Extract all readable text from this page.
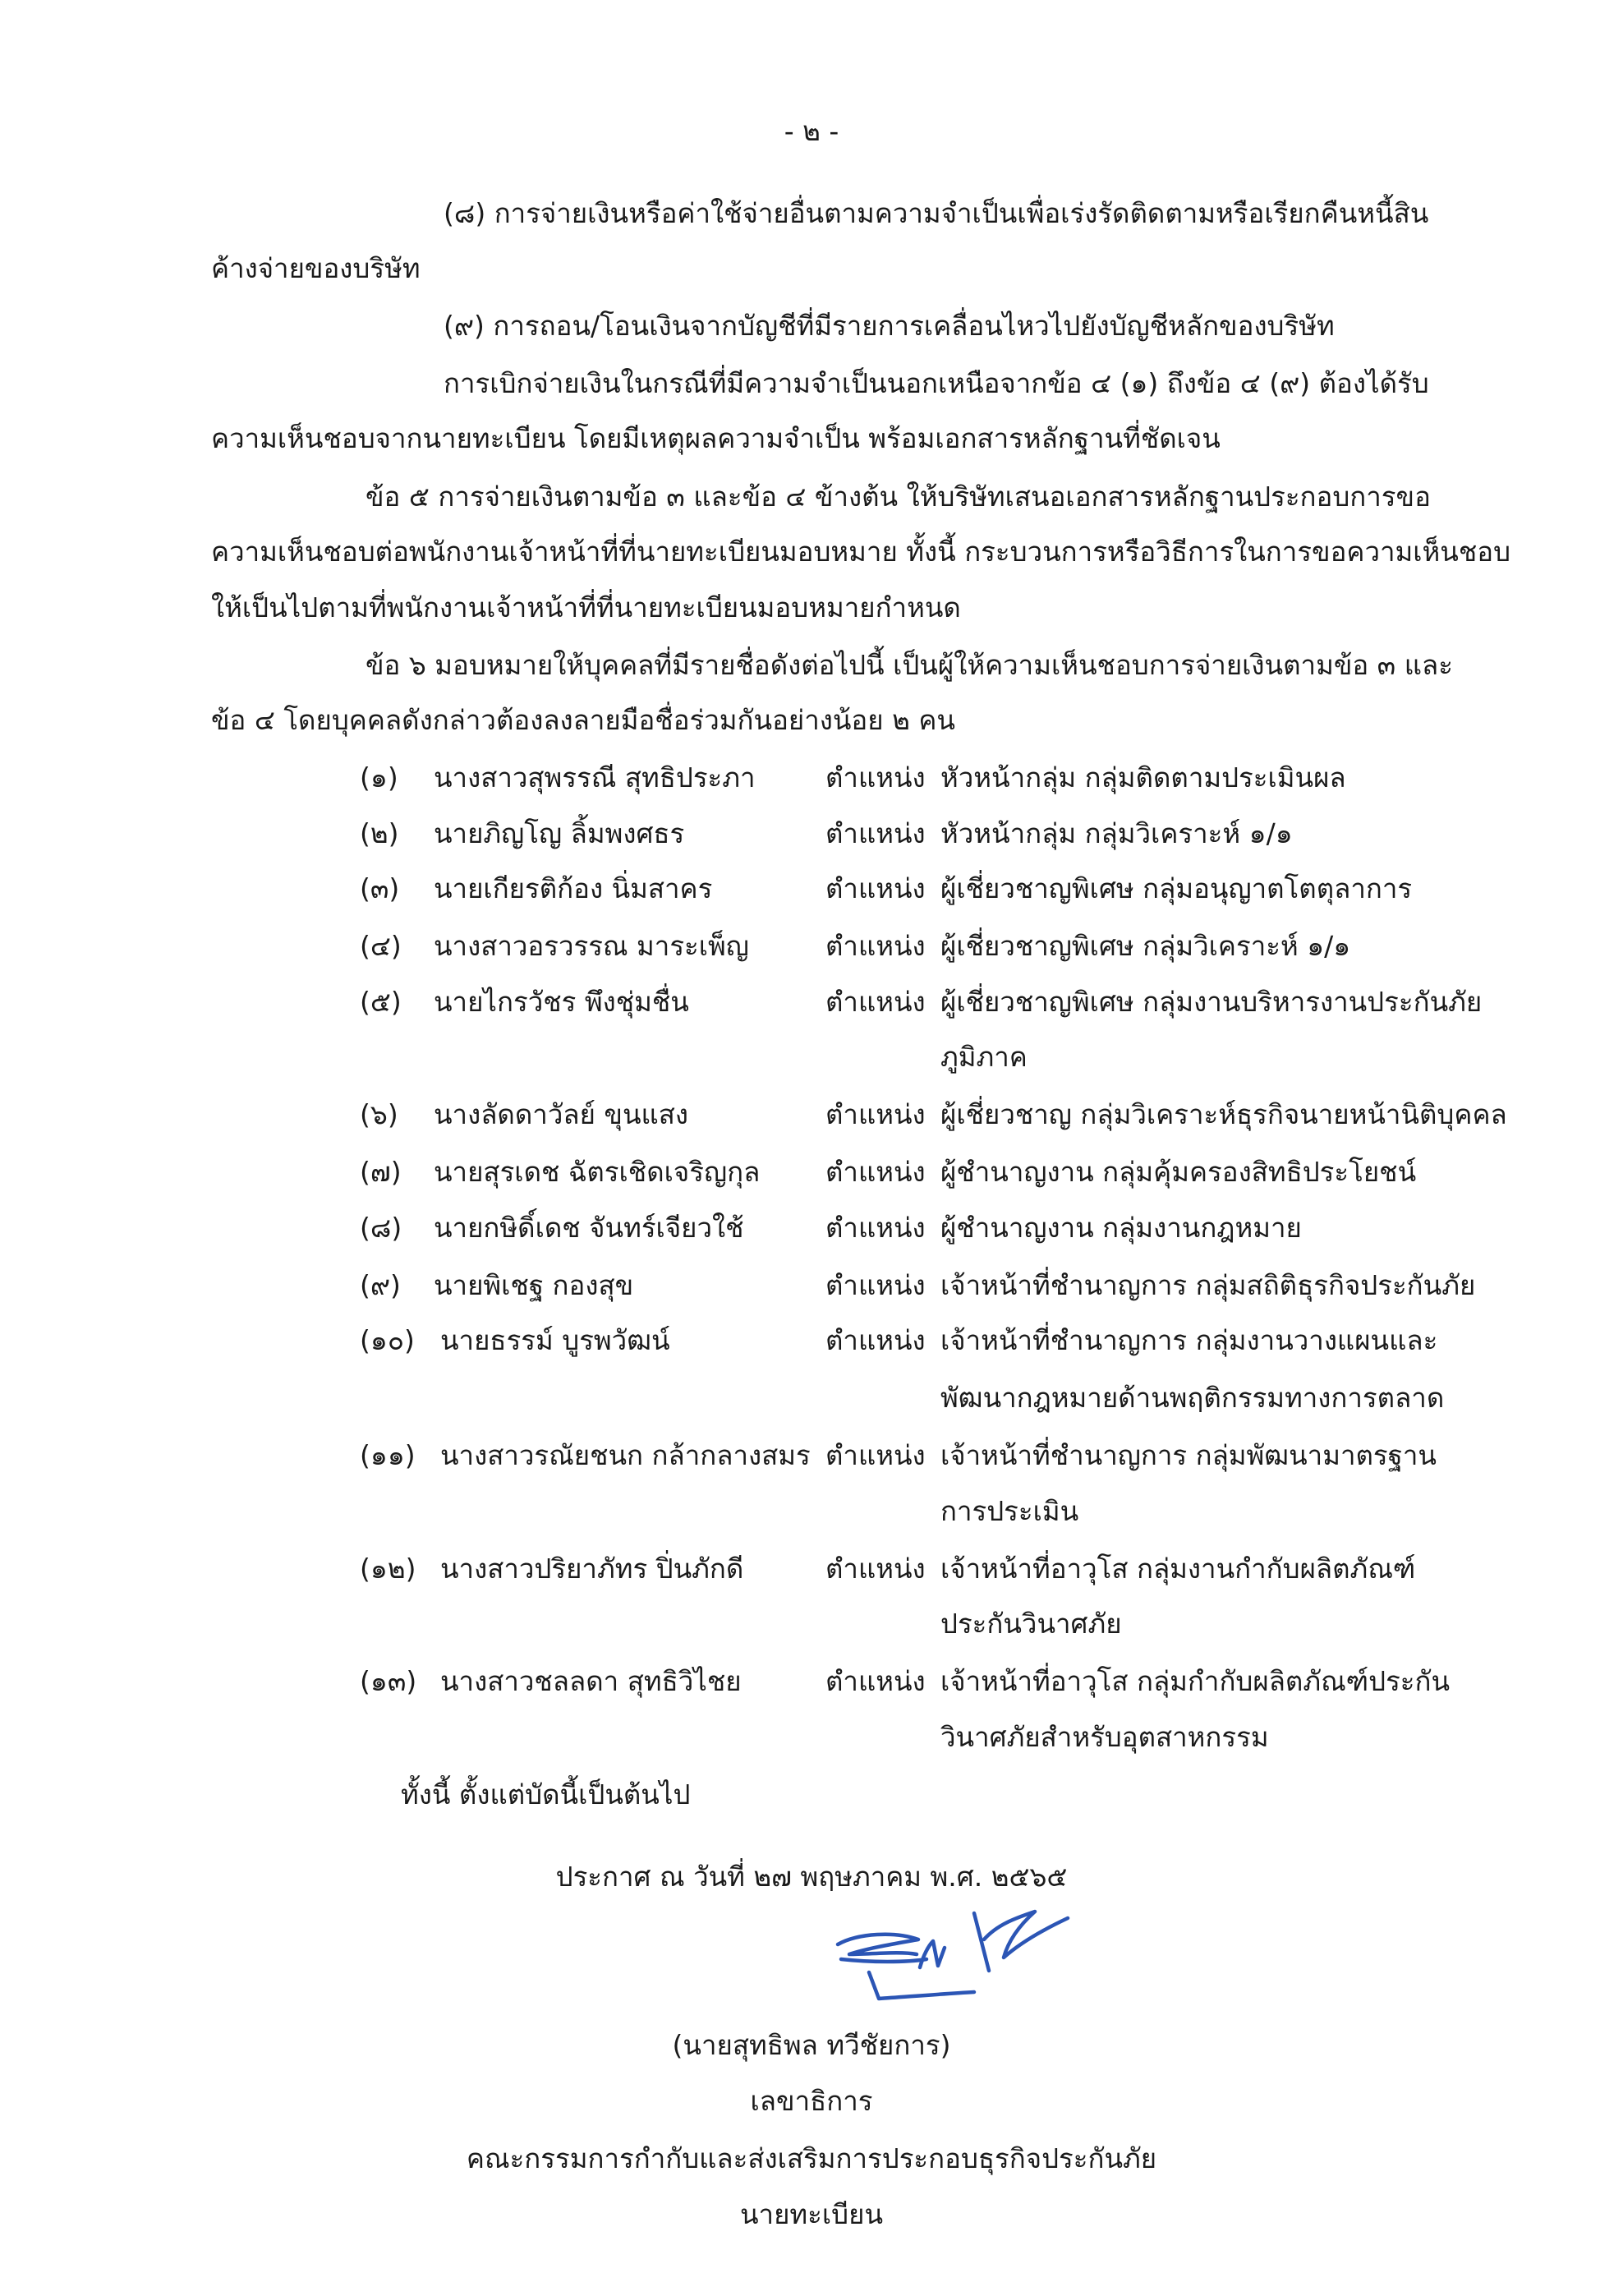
- ๒ -
(๘) การจ่ายเงินหรือค่าใช้จ่ายอื่นตามความจำเป็นเพื่อเร่งรัดติดตามหรือเรียกคืนหนี้สิน
ค้างจ่ายของบริษัท
(๙) การถอน/โอนเงินจากบัญชีที่มีรายการเคลื่อนไหวไปยังบัญชีหลักของบริษัท
การเบิกจ่ายเงินในกรณีที่มีความจำเป็นนอกเหนือจากข้อ ๔ (๑) ถึงข้อ ๔ (๙) ต้องได้รับ
ความเห็นชอบจากนายทะเบียน โดยมีเหตุผลความจำเป็น พร้อมเอกสารหลักฐานที่ชัดเจน
ข้อ ๕ การจ่ายเงินตามข้อ ๓ และข้อ ๔ ข้างต้น ให้บริษัทเสนอเอกสารหลักฐานประกอบการขอ
ความเห็นชอบต่อพนักงานเจ้าหน้าที่ที่นายทะเบียนมอบหมาย ทั้งนี้ กระบวนการหรือวิธีการในการขอความเห็นชอบ
ให้เป็นไปตามที่พนักงานเจ้าหน้าที่ที่นายทะเบียนมอบหมายกำหนด
ข้อ ๖ มอบหมายให้บุคคลที่มีรายชื่อดังต่อไปนี้ เป็นผู้ให้ความเห็นชอบการจ่ายเงินตามข้อ ๓ และ
ข้อ ๔ โดยบุคคลดังกล่าวต้องลงลายมือชื่อร่วมกันอย่างน้อย ๒ คน
(๑) นางสาวสุพรรณี สุทธิประภา	ตำแหน่ง หัวหน้ากลุ่ม กลุ่มติดตามประเมินผล
(๒) นายภิญโญ ลิ้มพงศธร	ตำแหน่ง หัวหน้ากลุ่ม กลุ่มวิเคราะห์ ๑/๑
(๓) นายเกียรติก้อง นิ่มสาคร	ตำแหน่ง ผู้เชี่ยวชาญพิเศษ กลุ่มอนุญาตโตตุลาการ
(๔) นางสาวอรวรรณ มาระเพ็ญ	ตำแหน่ง ผู้เชี่ยวชาญพิเศษ กลุ่มวิเคราะห์ ๑/๑
(๕) นายไกรวัชร พึงชุ่มชื่น	ตำแหน่ง ผู้เชี่ยวชาญพิเศษ กลุ่มงานบริหารงานประกันภัย
ภูมิภาค
(๖) นางลัดดาวัลย์ ขุนแสง	ตำแหน่ง ผู้เชี่ยวชาญ กลุ่มวิเคราะห์ธุรกิจนายหน้านิติบุคคล
(๗) นายสุรเดช ฉัตรเชิดเจริญกุล ตำแหน่ง ผู้ชำนาญงาน กลุ่มคุ้มครองสิทธิประโยชน์
(๘) นายกษิดิ์เดช จันทร์เจียวใช้	ตำแหน่ง ผู้ชำนาญงาน กลุ่มงานกฎหมาย
(๙) นายพิเชฐ กองสุข	ตำแหน่ง เจ้าหน้าที่ชำนาญการ กลุ่มสถิติธุรกิจประกันภัย
(๑๐) นายธรรม์ บูรพวัฒน์	ตำแหน่ง เจ้าหน้าที่ชำนาญการ กลุ่มงานวางแผนและ
พัฒนากฎหมายด้านพฤติกรรมทางการตลาด
(๑๑) นางสาวรณัยชนก กล้ากลางสมร ตำแหน่ง เจ้าหน้าที่ชำนาญการ กลุ่มพัฒนามาตรฐาน
การประเมิน
(๑๒) นางสาวปริยาภัทร ปิ่นภักดี	ตำแหน่ง เจ้าหน้าที่อาวุโส กลุ่มงานกำกับผลิตภัณฑ์
ประกันวินาศภัย
(๑๓) นางสาวชลลดา สุทธิวิไชย	ตำแหน่ง เจ้าหน้าที่อาวุโส กลุ่มกำกับผลิตภัณฑ์ประกัน
วินาศภัยสำหรับอุตสาหกรรม
ทั้งนี้ ตั้งแต่บัดนี้เป็นต้นไป
ประกาศ ณ วันที่ ๒๗ พฤษภาคม พ.ศ. ๒๕๖๕
(นายสุทธิพล ทวีชัยการ)
เลขาธิการ
คณะกรรมการกำกับและส่งเสริมการประกอบธุรกิจประกันภัย
นายทะเบียน
